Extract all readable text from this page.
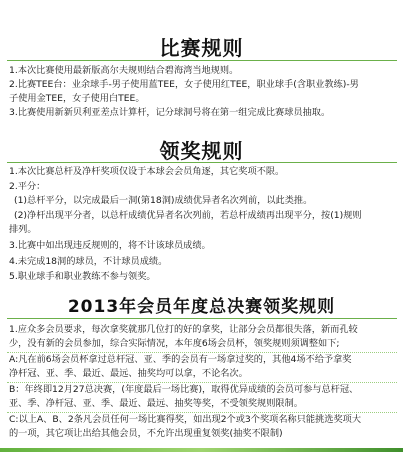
比赛规则
1.本次比赛使用最新版高尔夫规则结合碧海湾当地规则。
2.比赛TEE台：业余球手-男子使用蓝TEE，女子使用红TEE，职业球手(含职业教练)-男
子使用金TEE，女子使用白TEE。
3.比赛使用新新贝利亚差点计算杆，记分球洞号将在第一组完成比赛球员抽取。
领奖规则
1.本次比赛总杆及净杆奖项仅设于本球会会员角逐，其它奖项不限。
2.平分：
(1)总杆平分，以完成最后一洞(第18洞)成绩优异者名次列前，以此类推。
(2)净杆出现平分者，以总杆成绩优异者名次列前，若总杆成绩再出现平分，按(1)规则
排列。
3.比赛中如出现违反规则的，将不计该球员成绩。
4.未完成18洞的球员，不计球员成绩。
5.职业球手和职业教练不参与领奖。
2013年会员年度总决赛领奖规则
1.应众多会员要求，每次拿奖就那几位打的好的拿奖，让部分会员都很失落，新而孔较
少，没有新的会员参加，综合实际情况，本年度6场会员杯，领奖规则须调整如下;
A:凡在前6场会员杯拿过总杆冠、亚、季的会员有一场拿过奖的，其他4场不给予拿奖
净杆冠、亚、季、最近、最远、抽奖均可以拿，不论名次。
B：年终即12月27总决赛，(年度最后一场比赛)，取得优异成绩的会员可参与总杆冠、
亚、季、净杆冠、亚、季、最近、最远、抽奖等奖，不受领奖规则限制。
C:以上A、B、2条凡会员任何一场比赛得奖，如出现2个或3个奖项名称只能挑选奖项大
的一项，其它项让出给其他会员，不允许出现重复领奖(抽奖不限制)
